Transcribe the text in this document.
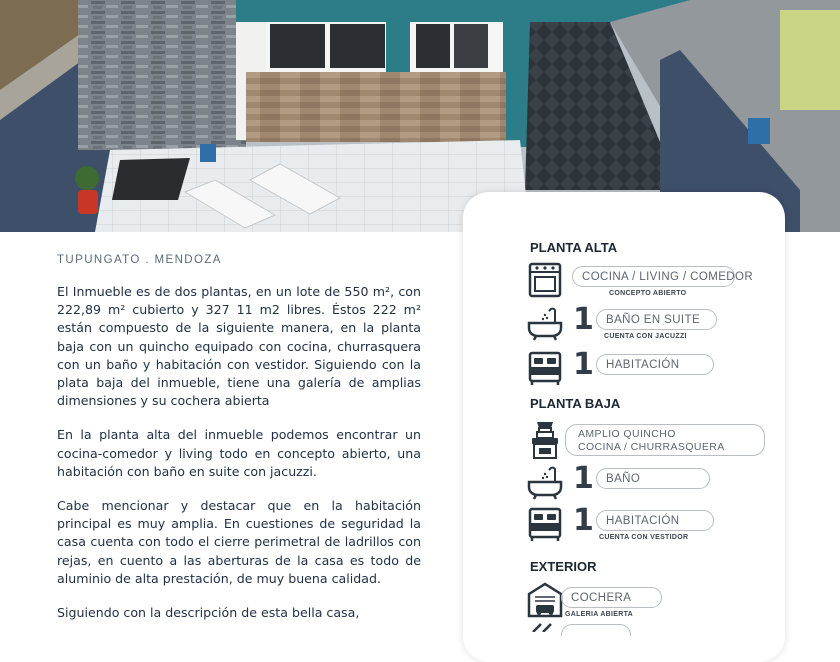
TUPUNGATO . MENDOZA

El Inmueble es de dos plantas, en un lote de 550 m², con 222,89 m² cubierto y 327 11 m2 libres. Éstos 222 m² están compuesto de la siguiente manera, en la planta baja con un quincho equipado con cocina, churrasquera con un baño y habitación con vestidor. Siguiendo con la plata baja del inmueble, tiene una galería de amplias dimensiones y su cochera abierta

En la planta alta del inmueble podemos encontrar un cocina-comedor y living todo en concepto abierto, una habitación con baño en suite con jacuzzi.

Cabe mencionar y destacar que en la habitación principal es muy amplia. En cuestiones de seguridad la casa cuenta con todo el cierre perimetral de ladrillos con rejas, en cuento a las aberturas de la casa es todo de aluminio de alta prestación, de muy buena calidad.

Siguiendo con la descripción de esta bella casa,

PLANTA ALTA
COCINA / LIVING / COMEDOR
CONCEPTO ABIERTO
1	BAÑO EN SUITE
CUENTA CON JACUZZI
1	HABITACIÓN
PLANTA BAJA
AMPLIO QUINCHO
COCINA / CHURRASQUERA
1	BAÑO
1	HABITACIÓN
CUENTA CON VESTIDOR
EXTERIOR
COCHERA
GALERIA ABIERTA
